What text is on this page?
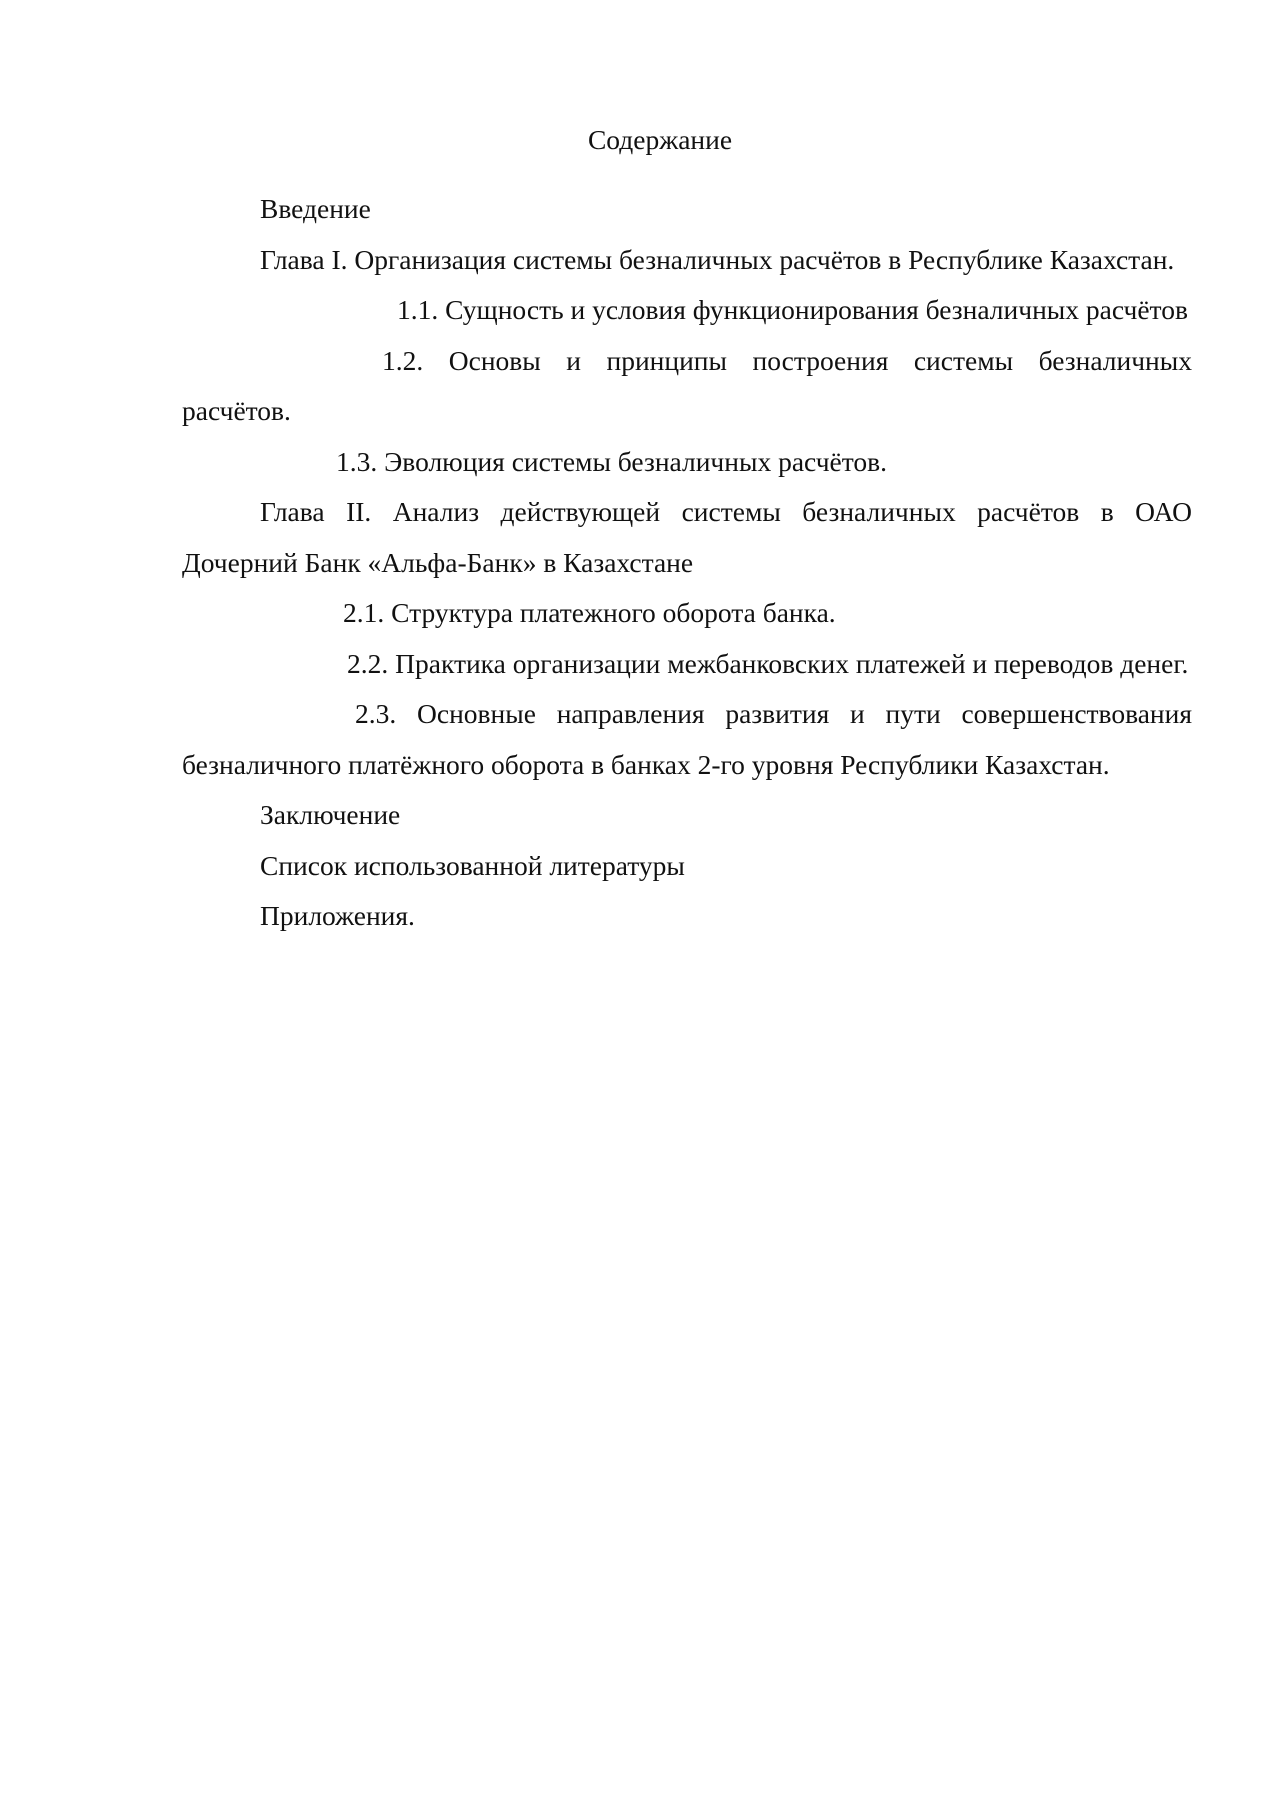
Содержание
Введение
Глава I. Организация системы безналичных расчётов в Республике Казахстан.
1.1. Сущность и условия функционирования безналичных расчётов
1.2. Основы и принципы построения системы безналичных расчётов.
1.3. Эволюция системы безналичных расчётов.
Глава II. Анализ действующей системы безналичных расчётов в ОАО Дочерний Банк «Альфа-Банк» в Казахстане
2.1. Структура платежного оборота банка.
2.2. Практика организации межбанковских платежей и переводов денег.
2.3. Основные направления развития и пути совершенствования безналичного платёжного оборота в банках 2-го уровня Республики Казахстан.
Заключение
Список использованной литературы
Приложения.
